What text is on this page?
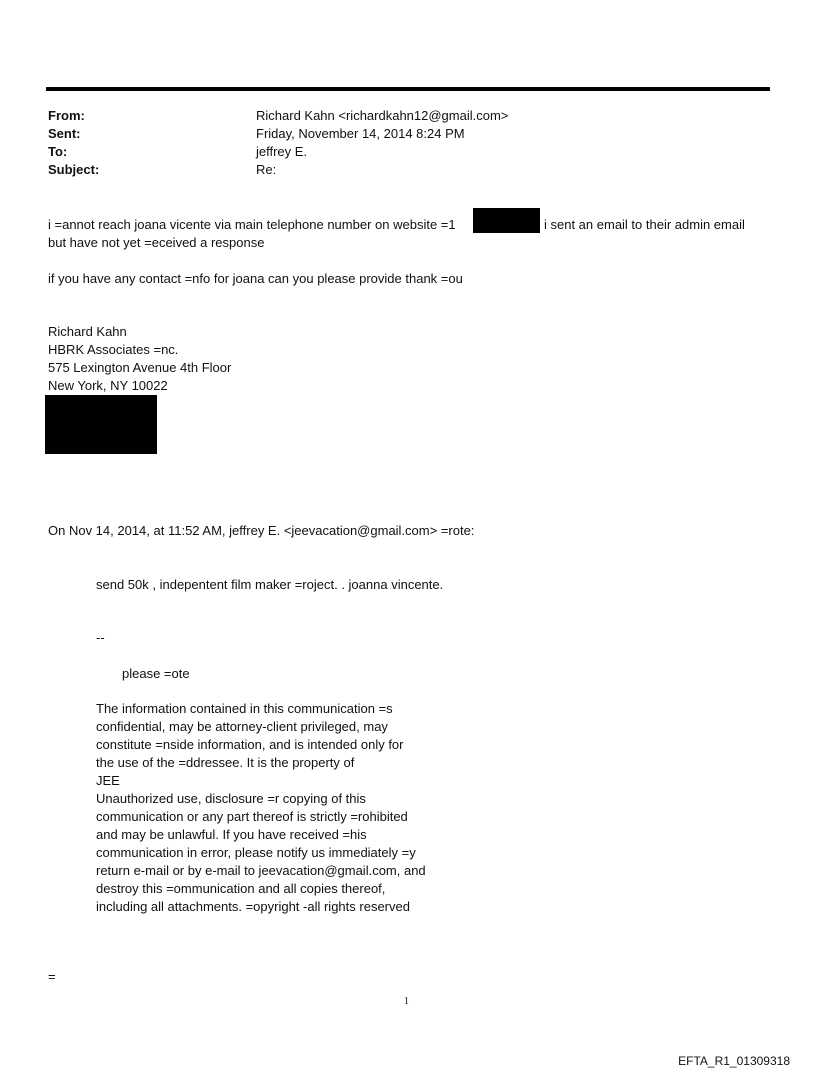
From:	Richard Kahn <richardkahn12@gmail.com>
Sent:	Friday, November 14, 2014 8:24 PM
To:	jeffrey E.
Subject:	Re:
i =annot reach joana vicente via main telephone number on website =1	i sent an email to their admin email
but have not yet =eceived a response
if you have any contact =nfo for joana can you please provide thank =ou
Richard Kahn
HBRK Associates =nc.
575 Lexington Avenue 4th Floor
New York, NY 10022
On Nov 14, 2014, at 11:52 AM, jeffrey E. <jeevacation@gmail.com> =rote:
send 50k , indepentent film maker =roject. . joanna vincente.
--
please =ote
The information contained in this communication =s
confidential, may be attorney-client privileged, may
constitute =nside information, and is intended only for
the use of the =ddressee. It is the property of
JEE
Unauthorized use, disclosure =r copying of this
communication or any part thereof is strictly =rohibited
and may be unlawful. If you have received =his
communication in error, please notify us immediately =y
return e-mail or by e-mail to jeevacation@gmail.com, and
destroy this =ommunication and all copies thereof,
including all attachments. =opyright -all rights reserved
=
1
EFTA_R1_01309318
